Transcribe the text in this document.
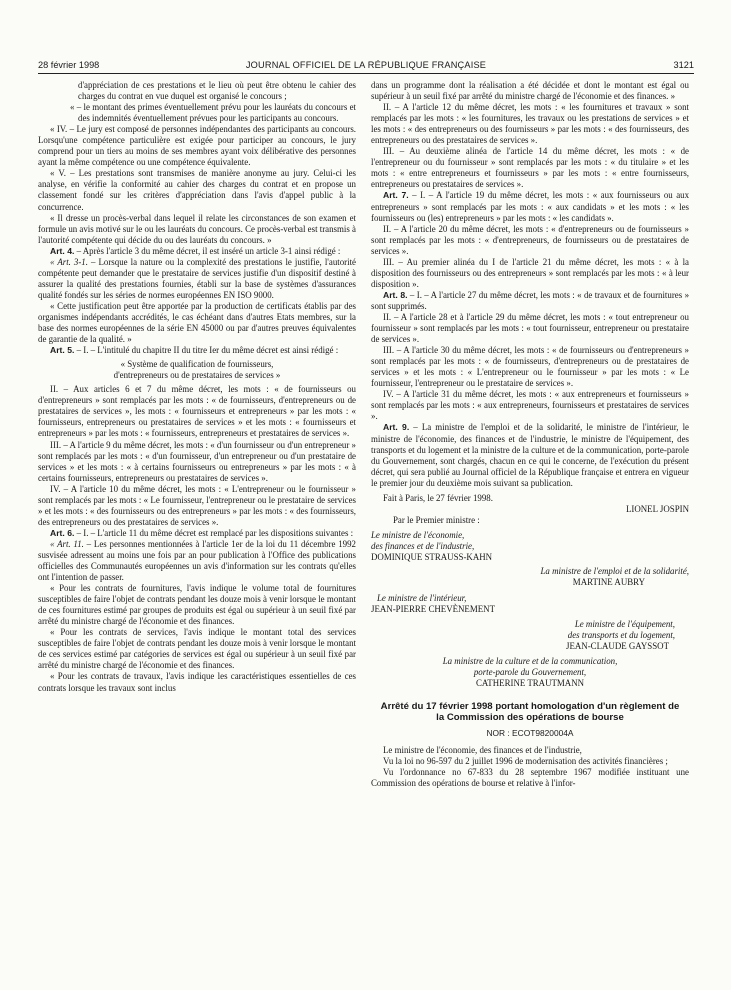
28 février 1998	JOURNAL OFFICIEL DE LA RÉPUBLIQUE FRANÇAISE	3121

d'appréciation de ces prestations et le lieu où peut être obtenu le cahier des charges du contrat en vue duquel est organisé le concours ;

« – le montant des primes éventuellement prévu pour les lauréats du concours et des indemnités éventuellement prévues pour les participants au concours.

« IV. – Le jury est composé de personnes indépendantes des participants au concours. Lorsqu'une compétence particulière est exigée pour participer au concours, le jury comprend pour un tiers au moins de ses membres ayant voix délibérative des personnes ayant la même compétence ou une compétence équivalente.

« V. – Les prestations sont transmises de manière anonyme au jury. Celui-ci les analyse, en vérifie la conformité au cahier des charges du contrat et en propose un classement fondé sur les critères d'appréciation dans l'avis d'appel public à la concurrence.

« Il dresse un procès-verbal dans lequel il relate les circonstances de son examen et formule un avis motivé sur le ou les lauréats du concours. Ce procès-verbal est transmis à l'autorité compétente qui décide du ou des lauréats du concours. »

Art. 4. – Après l'article 3 du même décret, il est inséré un article 3-1 ainsi rédigé :

« Art. 3-1. – Lorsque la nature ou la complexité des prestations le justifie, l'autorité compétente peut demander que le prestataire de services justifie d'un dispositif destiné à assurer la qualité des prestations fournies, établi sur la base de systèmes d'assurances qualité fondés sur les séries de normes européennes EN ISO 9000.

« Cette justification peut être apportée par la production de certificats établis par des organismes indépendants accrédités, le cas échéant dans d'autres Etats membres, sur la base des normes européennes de la série EN 45000 ou par d'autres preuves équivalentes de garantie de la qualité. »

Art. 5. – I. – L'intitulé du chapitre II du titre Ier du même décret est ainsi rédigé :

« Système de qualification de fournisseurs,

d'entrepreneurs ou de prestataires de services »

II. – Aux articles 6 et 7 du même décret, les mots : « de fournisseurs ou d'entrepreneurs » sont remplacés par les mots : « de fournisseurs, d'entrepreneurs ou de prestataires de services », les mots : « fournisseurs et entrepreneurs » par les mots : « fournisseurs, entrepreneurs ou prestataires de services » et les mots : « fournisseurs et entrepreneurs » par les mots : « fournisseurs, entrepreneurs et prestataires de services ».

III. – A l'article 9 du même décret, les mots : « d'un fournisseur ou d'un entrepreneur » sont remplacés par les mots : « d'un fournisseur, d'un entrepreneur ou d'un prestataire de services » et les mots : « à certains fournisseurs ou entrepreneurs » par les mots : « à certains fournisseurs, entrepreneurs ou prestataires de services ».

IV. – A l'article 10 du même décret, les mots : « L'entrepreneur ou le fournisseur » sont remplacés par les mots : « Le fournisseur, l'entrepreneur ou le prestataire de services » et les mots : « des fournisseurs ou des entrepreneurs » par les mots : « des fournisseurs, des entrepreneurs ou des prestataires de services ».

Art. 6. – I. – L'article 11 du même décret est remplacé par les dispositions suivantes :

« Art. 11. – Les personnes mentionnées à l'article 1er de la loi du 11 décembre 1992 susvisée adressent au moins une fois par an pour publication à l'Office des publications officielles des Communautés européennes un avis d'information sur les contrats qu'elles ont l'intention de passer.

« Pour les contrats de fournitures, l'avis indique le volume total de fournitures susceptibles de faire l'objet de contrats pendant les douze mois à venir lorsque le montant de ces fournitures estimé par groupes de produits est égal ou supérieur à un seuil fixé par arrêté du ministre chargé de l'économie et des finances.

« Pour les contrats de services, l'avis indique le montant total des services susceptibles de faire l'objet de contrats pendant les douze mois à venir lorsque le montant de ces services estimé par catégories de services est égal ou supérieur à un seuil fixé par arrêté du ministre chargé de l'économie et des finances.

« Pour les contrats de travaux, l'avis indique les caractéristiques essentielles de ces contrats lorsque les travaux sont inclus

dans un programme dont la réalisation a été décidée et dont le montant est égal ou supérieur à un seuil fixé par arrêté du ministre chargé de l'économie et des finances. »

II. – A l'article 12 du même décret, les mots : « les fournitures et travaux » sont remplacés par les mots : « les fournitures, les travaux ou les prestations de services » et les mots : « des entrepreneurs ou des fournisseurs » par les mots : « des fournisseurs, des entrepreneurs ou des prestataires de services ».

III. – Au deuxième alinéa de l'article 14 du même décret, les mots : « de l'entrepreneur ou du fournisseur » sont remplacés par les mots : « du titulaire » et les mots : « entre entrepreneurs et fournisseurs » par les mots : « entre fournisseurs, entrepreneurs ou prestataires de services ».

Art. 7. – I. – A l'article 19 du même décret, les mots : « aux fournisseurs ou aux entrepreneurs » sont remplacés par les mots : « aux candidats » et les mots : « les fournisseurs ou (les) entrepreneurs » par les mots : « les candidats ».

II. – A l'article 20 du même décret, les mots : « d'entrepreneurs ou de fournisseurs » sont remplacés par les mots : « d'entrepreneurs, de fournisseurs ou de prestataires de services ».

III. – Au premier alinéa du I de l'article 21 du même décret, les mots : « à la disposition des fournisseurs ou des entrepreneurs » sont remplacés par les mots : « à leur disposition ».

Art. 8. – I. – A l'article 27 du même décret, les mots : « de travaux et de fournitures » sont supprimés.

II. – A l'article 28 et à l'article 29 du même décret, les mots : « tout entrepreneur ou fournisseur » sont remplacés par les mots : « tout fournisseur, entrepreneur ou prestataire de services ».

III. – A l'article 30 du même décret, les mots : « de fournisseurs ou d'entrepreneurs » sont remplacés par les mots : « de fournisseurs, d'entrepreneurs ou de prestataires de services » et les mots : « L'entrepreneur ou le fournisseur » par les mots : « Le fournisseur, l'entrepreneur ou le prestataire de services ».

IV. – A l'article 31 du même décret, les mots : « aux entrepreneurs et fournisseurs » sont remplacés par les mots : « aux entrepreneurs, fournisseurs et prestataires de services ».

Art. 9. – La ministre de l'emploi et de la solidarité, le ministre de l'intérieur, le ministre de l'économie, des finances et de l'industrie, le ministre de l'équipement, des transports et du logement et la ministre de la culture et de la communication, porte-parole du Gouvernement, sont chargés, chacun en ce qui le concerne, de l'exécution du présent décret, qui sera publié au Journal officiel de la République française et entrera en vigueur le premier jour du deuxième mois suivant sa publication.

Fait à Paris, le 27 février 1998.

LIONEL JOSPIN

Par le Premier ministre :

Le ministre de l'économie,

des finances et de l'industrie,

DOMINIQUE STRAUSS-KAHN

La ministre de l'emploi et de la solidarité,

MARTINE AUBRY

Le ministre de l'intérieur,

JEAN-PIERRE CHEVÈNEMENT

Le ministre de l'équipement,

des transports et du logement,

JEAN-CLAUDE GAYSSOT

La ministre de la culture et de la communication,

porte-parole du Gouvernement,

CATHERINE TRAUTMANN

Arrêté du 17 février 1998 portant homologation d'un règlement de la Commission des opérations de bourse

NOR : ECOT9820004A

Le ministre de l'économie, des finances et de l'industrie,

Vu la loi no 96-597 du 2 juillet 1996 de modernisation des activités financières ;

Vu l'ordonnance no 67-833 du 28 septembre 1967 modifiée instituant une Commission des opérations de bourse et relative à l'infor-
